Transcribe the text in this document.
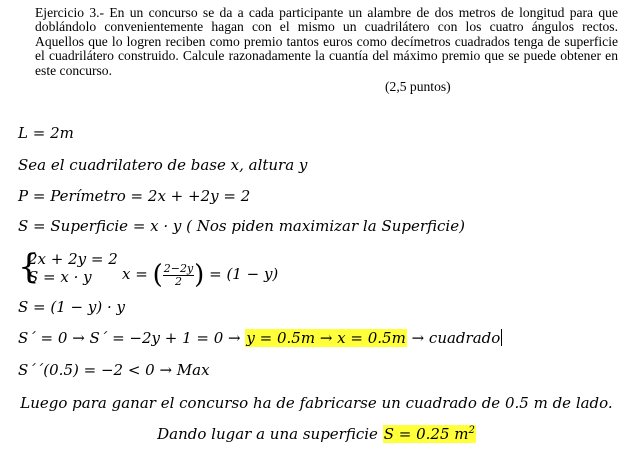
Ejercicio 3.- En un concurso se da a cada participante un alambre de dos metros de longitud para que
doblándolo convenientemente hagan con el mismo un cuadrilátero con los cuatro ángulos rectos.
Aquellos que lo logren reciben como premio tantos euros como decímetros cuadrados tenga de superficie
el cuadrilátero construido. Calcule razonadamente la cuantía del máximo premio que se puede obtener en
este concurso.
(2,5 puntos)
L = 2m
Sea el cuadrilatero de base x, altura y
P = Perímetro = 2x + +2y = 2
S = Superficie = x · y ( Nos piden maximizar la Superficie)
{
2x + 2y = 2
S = x · y x = ( $\frac{2-2y}{2}$ ) = (1 − y)
S = (1 − y) · y
S´ = 0 → S´ = −2y + 1 = 0 → y = 0.5m → x = 0.5m → cuadrado
S´´(0.5) = −2 < 0 → Max
Luego para ganar el concurso ha de fabricarse un cuadrado de 0.5 m de lado.
Dando lugar a una superficie S = 0.25 $m^2$
